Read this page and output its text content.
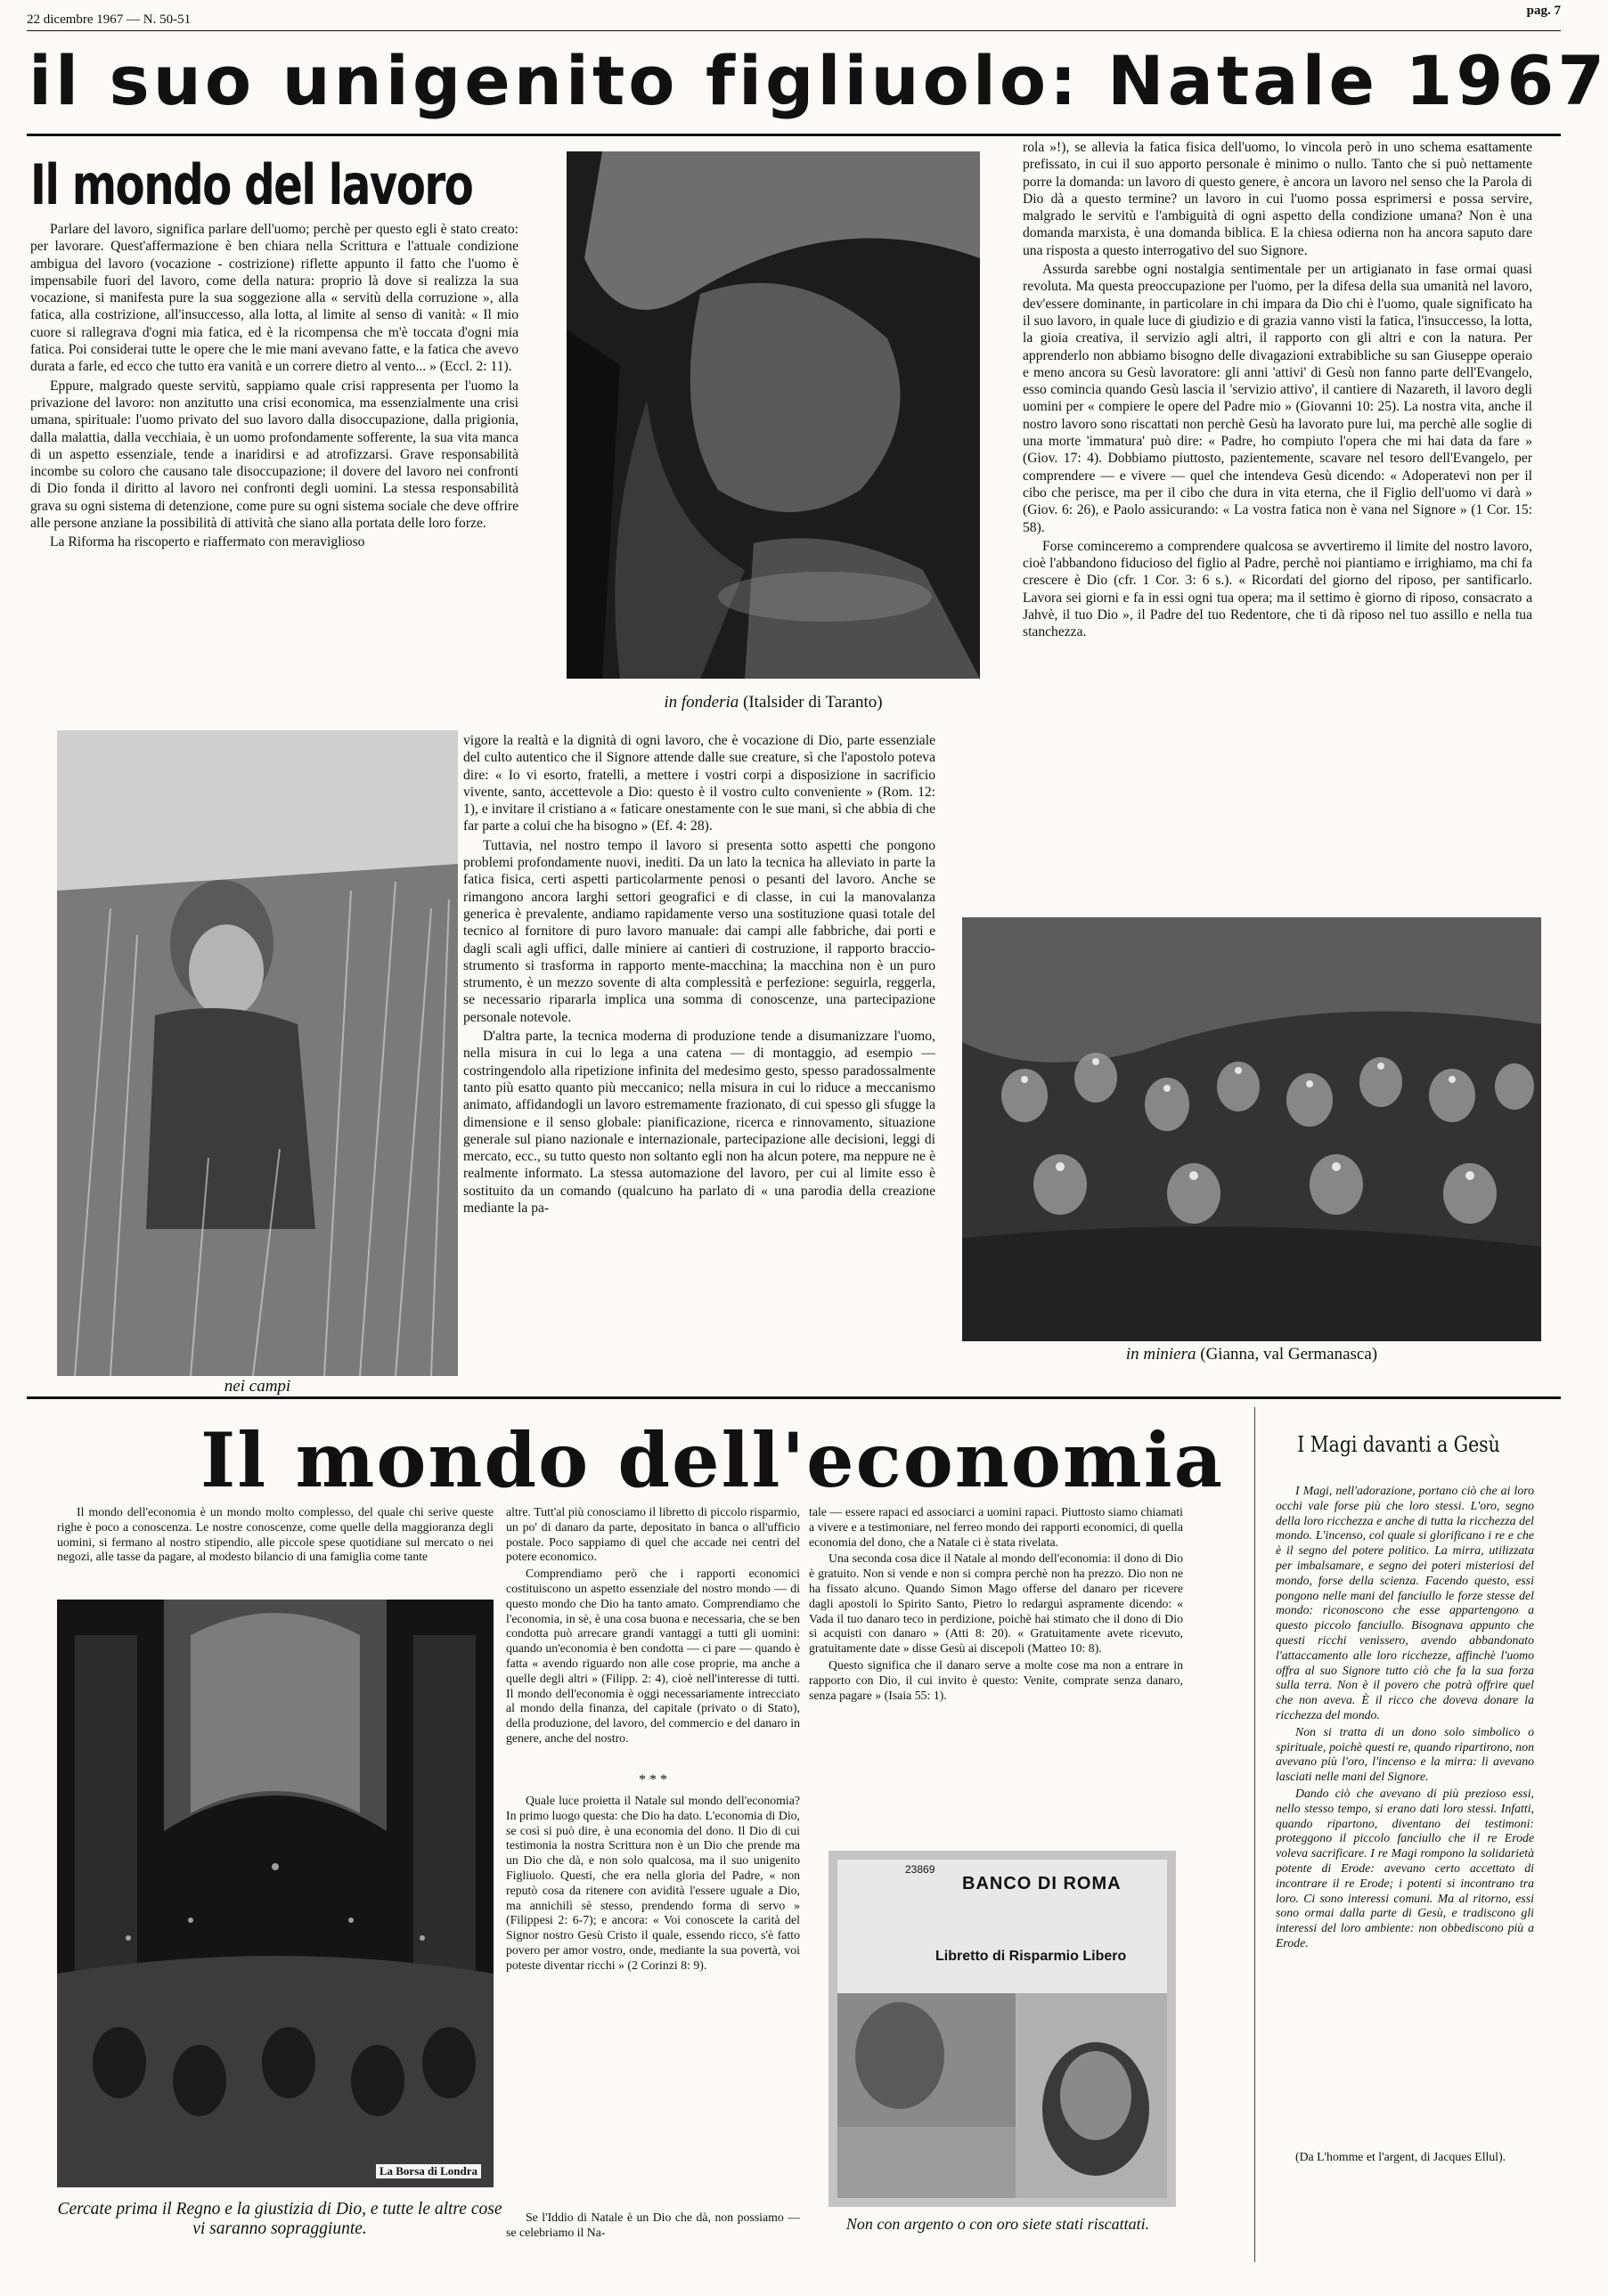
22 dicembre 1967 — N. 50-51
pag. 7
il suo unigenito figliuolo: Natale 1967
Il mondo del lavoro

Parlare del lavoro, significa parlare dell'uomo; perchè per questo egli è stato creato: per lavorare. Quest'affermazione è ben chiara nella Scrittura e l'attuale condizione ambigua del lavoro (vocazione - costrizione) riflette appunto il fatto che l'uomo è impensabile fuori del lavoro, come della natura: proprio là dove si realizza la sua vocazione, si manifesta pure la sua soggezione alla « servitù della corruzione », alla fatica, alla costrizione, all'insuccesso, alla lotta, al limite al senso di vanità: « Il mio cuore si rallegrava d'ogni mia fatica, ed è la ricompensa che m'è toccata d'ogni mia fatica. Poi considerai tutte le opere che le mie mani avevano fatte, e la fatica che avevo durata a farle, ed ecco che tutto era vanità e un correre dietro al vento... » (Eccl. 2: 11).

Eppure, malgrado queste servitù, sappiamo quale crisi rappresenta per l'uomo la privazione del lavoro: non anzitutto una crisi economica, ma essenzialmente una crisi umana, spirituale: l'uomo privato del suo lavoro dalla disoccupazione, dalla prigionia, dalla malattia, dalla vecchiaia, è un uomo profondamente sofferente, la sua vita manca di un aspetto essenziale, tende a inaridirsi e ad atrofizzarsi. Grave responsabilità incombe su coloro che causano tale disoccupazione; il dovere del lavoro nei confronti di Dio fonda il diritto al lavoro nei confronti degli uomini. La stessa responsabilità grava su ogni sistema di detenzione, come pure su ogni sistema sociale che deve offrire alle persone anziane la possibilità di attività che siano alla portata delle loro forze.

La Riforma ha riscoperto e riaffermato con meraviglioso

in fonderia (Italsider di Taranto)

rola »!), se allevia la fatica fisica dell'uomo, lo vincola però in uno schema esattamente prefissato, in cui il suo apporto personale è minimo o nullo. Tanto che si può nettamente porre la domanda: un lavoro di questo genere, è ancora un lavoro nel senso che la Parola di Dio dà a questo termine? un lavoro in cui l'uomo possa esprimersi e possa servire, malgrado le servitù e l'ambiguità di ogni aspetto della condizione umana? Non è una domanda marxista, è una domanda biblica. E la chiesa odierna non ha ancora saputo dare una risposta a questo interrogativo del suo Signore.

Assurda sarebbe ogni nostalgia sentimentale per un artigianato in fase ormai quasi revoluta. Ma questa preoccupazione per l'uomo, per la difesa della sua umanità nel lavoro, dev'essere dominante, in particolare in chi impara da Dio chi è l'uomo, quale significato ha il suo lavoro, in quale luce di giudizio e di grazia vanno visti la fatica, l'insuccesso, la lotta, la gioia creativa, il servizio agli altri, il rapporto con gli altri e con la natura. Per apprenderlo non abbiamo bisogno delle divagazioni extrabibliche su san Giuseppe operaio e meno ancora su Gesù lavoratore: gli anni 'attivi' di Gesù non fanno parte dell'Evangelo, esso comincia quando Gesù lascia il 'servizio attivo', il cantiere di Nazareth, il lavoro degli uomini per « compiere le opere del Padre mio » (Giovanni 10: 25). La nostra vita, anche il nostro lavoro sono riscattati non perchè Gesù ha lavorato pure lui, ma perchè alle soglie di una morte 'immatura' può dire: « Padre, ho compiuto l'opera che mi hai data da fare » (Giov. 17: 4). Dobbiamo piuttosto, pazientemente, scavare nel tesoro dell'Evangelo, per comprendere — e vivere — quel che intendeva Gesù dicendo: « Adoperatevi non per il cibo che perisce, ma per il cibo che dura in vita eterna, che il Figlio dell'uomo vi darà » (Giov. 6: 26), e Paolo assicurando: « La vostra fatica non è vana nel Signore » (1 Cor. 15: 58).

Forse cominceremo a comprendere qualcosa se avvertiremo il limite del nostro lavoro, cioè l'abbandono fiducioso del figlio al Padre, perchè noi piantiamo e irrighiamo, ma chi fa crescere è Dio (cfr. 1 Cor. 3: 6 s.). « Ricordati del giorno del riposo, per santificarlo. Lavora sei giorni e fa in essi ogni tua opera; ma il settimo è giorno di riposo, consacrato a Jahvè, il tuo Dio », il Padre del tuo Redentore, che ti dà riposo nel tuo assillo e nella tua stanchezza.

nei campi

vigore la realtà e la dignità di ogni lavoro, che è vocazione di Dio, parte essenziale del culto autentico che il Signore attende dalle sue creature, sì che l'apostolo poteva dire: « Io vi esorto, fratelli, a mettere i vostri corpi a disposizione in sacrificio vivente, santo, accettevole a Dio: questo è il vostro culto conveniente » (Rom. 12: 1), e invitare il cristiano a « faticare onestamente con le sue mani, sì che abbia di che far parte a colui che ha bisogno » (Ef. 4: 28).

Tuttavia, nel nostro tempo il lavoro si presenta sotto aspetti che pongono problemi profondamente nuovi, inediti. Da un lato la tecnica ha alleviato in parte la fatica fisica, certi aspetti particolarmente penosi o pesanti del lavoro. Anche se rimangono ancora larghi settori geografici e di classe, in cui la manovalanza generica è prevalente, andiamo rapidamente verso una sostituzione quasi totale del tecnico al fornitore di puro lavoro manuale: dai campi alle fabbriche, dai porti e dagli scali agli uffici, dalle miniere ai cantieri di costruzione, il rapporto braccio-strumento si trasforma in rapporto mente-macchina; la macchina non è un puro strumento, è un mezzo sovente di alta complessità e perfezione: seguirla, reggerla, se necessario ripararla implica una somma di conoscenze, una partecipazione personale notevole.

D'altra parte, la tecnica moderna di produzione tende a disumanizzare l'uomo, nella misura in cui lo lega a una catena — di montaggio, ad esempio — costringendolo alla ripetizione infinita del medesimo gesto, spesso paradossalmente tanto più esatto quanto più meccanico; nella misura in cui lo riduce a meccanismo animato, affidandogli un lavoro estremamente frazionato, di cui spesso gli sfugge la dimensione e il senso globale: pianificazione, ricerca e rinnovamento, situazione generale sul piano nazionale e internazionale, partecipazione alle decisioni, leggi di mercato, ecc., su tutto questo non soltanto egli non ha alcun potere, ma neppure ne è realmente informato. La stessa automazione del lavoro, per cui al limite esso è sostituito da un comando (qualcuno ha parlato di « una parodia della creazione mediante la pa-

in miniera (Gianna, val Germanasca)
Il mondo dell'economia

Il mondo dell'economia è un mondo molto complesso, del quale chi serive queste righe è poco a conoscenza. Le nostre conoscenze, come quelle della maggioranza degli uomini, si fermano al nostro stipendio, alle piccole spese quotidiane sul mercato o nei negozi, alle tasse da pagare, al modesto bilancio di una famiglia come tante

La Borsa di Londra
Cercate prima il Regno e la giustizia di Dio, e tutte le altre cose vi saranno sopraggiunte.

altre. Tutt'al più conosciamo il libretto di piccolo risparmio, un po' di danaro da parte, depositato in banca o all'ufficio postale. Poco sappiamo di quel che accade nei centri del potere economico.

Comprendiamo però che i rapporti economici costituiscono un aspetto essenziale del nostro mondo — di questo mondo che Dio ha tanto amato. Comprendiamo che l'economia, in sè, è una cosa buona e necessaria, che se ben condotta può arrecare grandi vantaggi a tutti gli uomini: quando un'economia è ben condotta — ci pare — quando è fatta « avendo riguardo non alle cose proprie, ma anche a quelle degli altri » (Filipp. 2: 4), cioè nell'interesse di tutti. Il mondo dell'economia è oggi necessariamente intrecciato al mondo della finanza, del capitale (privato o di Stato), della produzione, del lavoro, del commercio e del danaro in genere, anche del nostro.

* * *

Quale luce proietta il Natale sul mondo dell'economia? In primo luogo questa: che Dio ha dato. L'economia di Dio, se così si può dire, è una economia del dono. Il Dio di cui testimonia la nostra Scrittura non è un Dio che prende ma un Dio che dà, e non solo qualcosa, ma il suo unigenito Figliuolo. Questi, che era nella gloria del Padre, « non reputò cosa da ritenere con avidità l'essere uguale a Dio, ma annichilì sè stesso, prendendo forma di servo » (Filippesi 2: 6-7); e ancora: « Voi conoscete la carità del Signor nostro Gesù Cristo il quale, essendo ricco, s'è fatto povero per amor vostro, onde, mediante la sua povertà, voi poteste diventar ricchi » (2 Corinzi 8: 9).

Se l'Iddio di Natale è un Dio che dà, non possiamo — se celebriamo il Na-

tale — essere rapaci ed associarci a uomini rapaci. Piuttosto siamo chiamati a vivere e a testimoniare, nel ferreo mondo dei rapporti economici, di quella economia del dono, che a Natale ci è stata rivelata.

Una seconda cosa dice il Natale al mondo dell'economia: il dono di Dio è gratuito. Non si vende e non si compra perchè non ha prezzo. Dio non ne ha fissato alcuno. Quando Simon Mago offerse del danaro per ricevere dagli apostoli lo Spirito Santo, Pietro lo redarguì aspramente dicendo: « Vada il tuo danaro teco in perdizione, poichè hai stimato che il dono di Dio si acquisti con danaro » (Atti 8: 20). « Gratuitamente avete ricevuto, gratuitamente date » disse Gesù ai discepoli (Matteo 10: 8).

Questo significa che il danaro serve a molte cose ma non a entrare in rapporto con Dio, il cui invito è questo: Venite, comprate senza danaro, senza pagare » (Isaia 55: 1).

BANCO DI ROMA
Libretto di Risparmio Libero
23869
Non con argento o con oro siete stati riscattati.
I Magi davanti a Gesù

I Magi, nell'adorazione, portano ciò che ai loro occhi vale forse più che loro stessi. L'oro, segno della loro ricchezza e anche di tutta la ricchezza del mondo. L'incenso, col quale si glorificano i re e che è il segno del potere politico. La mirra, utilizzata per imbalsamare, e segno dei poteri misteriosi del mondo, forse della scienza. Facendo questo, essi pongono nelle mani del fanciullo le forze stesse del mondo: riconoscono che esse appartengono a questo piccolo fanciullo. Bisognava appunto che questi ricchi venissero, avendo abbandonato l'attaccamento alle loro ricchezze, affinchè l'uomo offra al suo Signore tutto ciò che fa la sua forza sulla terra. Non è il povero che potrà offrire quel che non aveva. È il ricco che doveva donare la ricchezza del mondo.

Non si tratta di un dono solo simbolico o spirituale, poichè questi re, quando ripartirono, non avevano più l'oro, l'incenso e la mirra: li avevano lasciati nelle mani del Signore.

Dando ciò che avevano di più prezioso essi, nello stesso tempo, si erano dati loro stessi. Infatti, quando ripartono, diventano dei testimoni: proteggono il piccolo fanciullo che il re Erode voleva sacrificare. I re Magi rompono la solidarietà potente di Erode: avevano certo accettato di incontrare il re Erode; i potenti si incontrano tra loro. Ci sono interessi comuni. Ma al ritorno, essi sono ormai dalla parte di Gesù, e tradiscono gli interessi del loro ambiente: non obbediscono più a Erode.

(Da L'homme et l'argent, di Jacques Ellul).
